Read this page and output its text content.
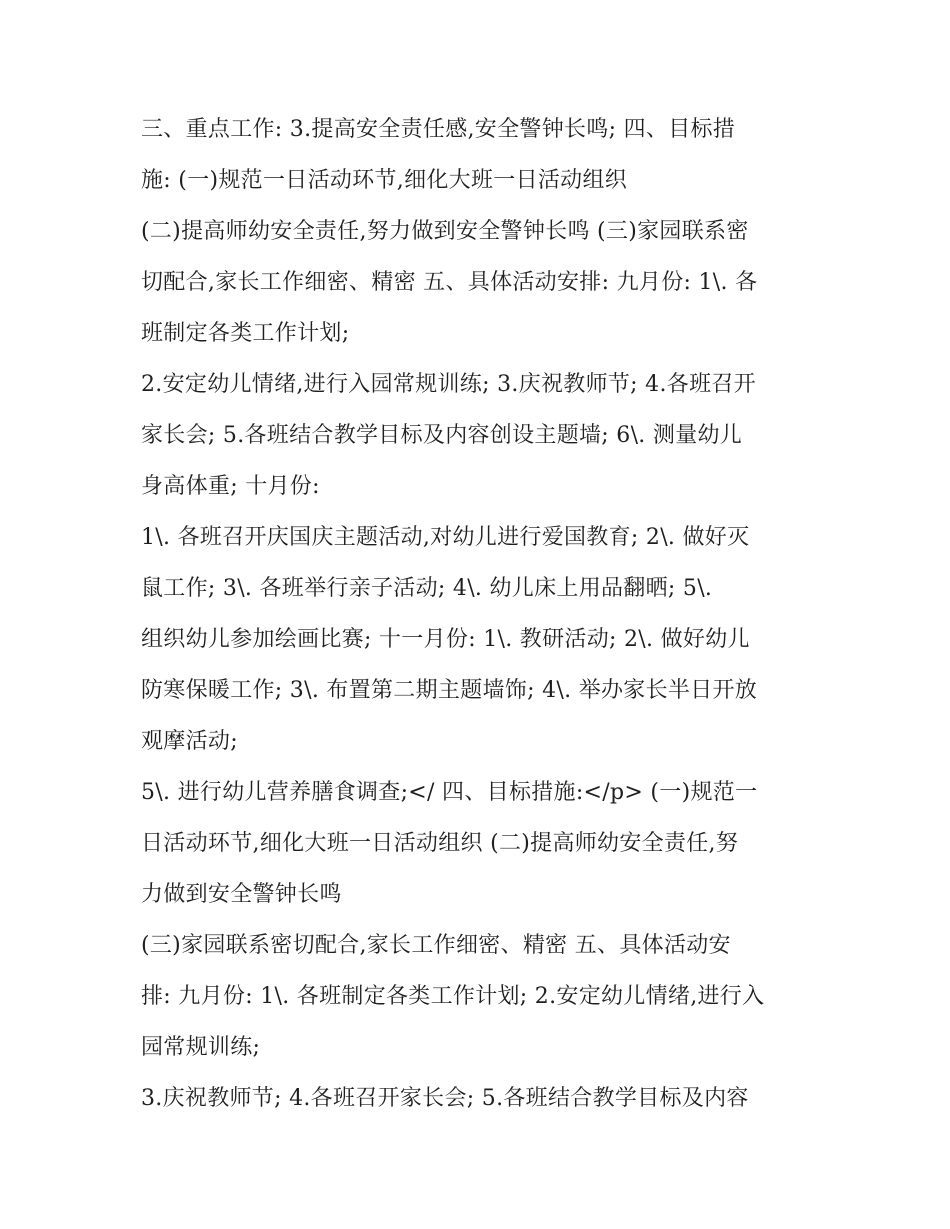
三、重点工作: 3.提高安全责任感,安全警钟长鸣; 四、目标措
施: (一)规范一日活动环节,细化大班一日活动组织
(二)提高师幼安全责任,努力做到安全警钟长鸣 (三)家园联系密
切配合,家长工作细密、精密 五、具体活动安排: 九月份: 1\. 各
班制定各类工作计划;
2.安定幼儿情绪,进行入园常规训练; 3.庆祝教师节; 4.各班召开
家长会; 5.各班结合教学目标及内容创设主题墙; 6\. 测量幼儿
身高体重; 十月份:
1\. 各班召开庆国庆主题活动,对幼儿进行爱国教育; 2\. 做好灭
鼠工作; 3\. 各班举行亲子活动; 4\. 幼儿床上用品翻晒; 5\.
组织幼儿参加绘画比赛; 十一月份: 1\. 教研活动; 2\. 做好幼儿
防寒保暖工作; 3\. 布置第二期主题墙饰; 4\. 举办家长半日开放
观摩活动;
5\. 进行幼儿营养膳食调查;</ 四、目标措施:</p> (一)规范一
日活动环节,细化大班一日活动组织 (二)提高师幼安全责任,努
力做到安全警钟长鸣
(三)家园联系密切配合,家长工作细密、精密 五、具体活动安
排: 九月份: 1\. 各班制定各类工作计划; 2.安定幼儿情绪,进行入
园常规训练;
3.庆祝教师节; 4.各班召开家长会; 5.各班结合教学目标及内容
